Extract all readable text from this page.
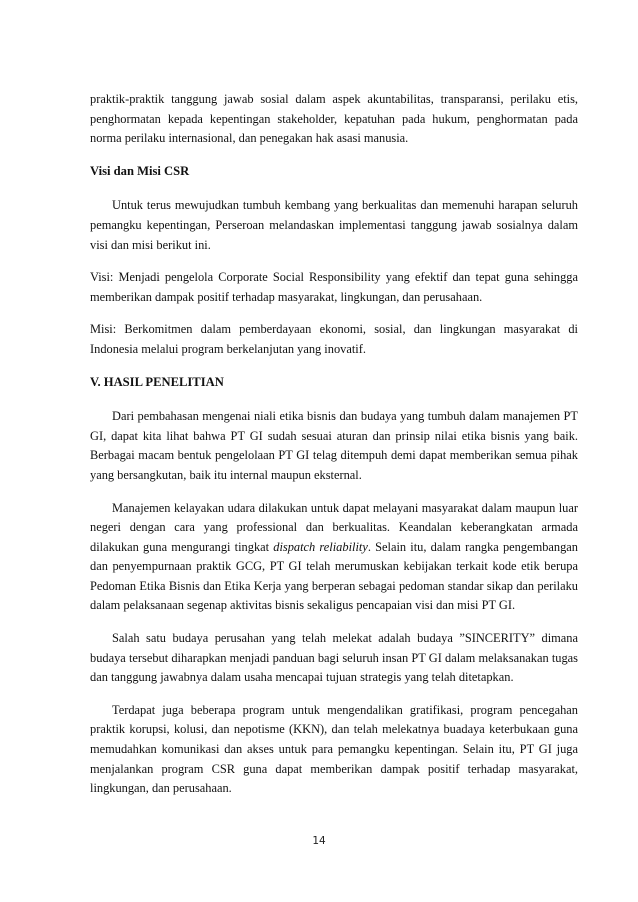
praktik-praktik tanggung jawab sosial dalam aspek akuntabilitas, transparansi, perilaku etis, penghormatan kepada kepentingan stakeholder, kepatuhan pada hukum, penghormatan pada norma perilaku internasional, dan penegakan hak asasi manusia.

Visi dan Misi CSR

Untuk terus mewujudkan tumbuh kembang yang berkualitas dan memenuhi harapan seluruh pemangku kepentingan, Perseroan melandaskan implementasi tanggung jawab sosialnya dalam visi dan misi berikut ini.

Visi: Menjadi pengelola Corporate Social Responsibility yang efektif dan tepat guna sehingga memberikan dampak positif terhadap masyarakat, lingkungan, dan perusahaan.

Misi: Berkomitmen dalam pemberdayaan ekonomi, sosial, dan lingkungan masyarakat di Indonesia melalui program berkelanjutan yang inovatif.

V. HASIL PENELITIAN

Dari pembahasan mengenai niali etika bisnis dan budaya yang tumbuh dalam manajemen PT GI, dapat kita lihat bahwa PT GI sudah sesuai aturan dan prinsip nilai etika bisnis yang baik. Berbagai macam bentuk pengelolaan PT GI telag ditempuh demi dapat memberikan semua pihak yang bersangkutan, baik itu internal maupun eksternal.

Manajemen kelayakan udara dilakukan untuk dapat melayani masyarakat dalam maupun luar negeri dengan cara yang professional dan berkualitas. Keandalan keberangkatan armada dilakukan guna mengurangi tingkat dispatch reliability. Selain itu, dalam rangka pengembangan dan penyempurnaan praktik GCG, PT GI telah merumuskan kebijakan terkait kode etik berupa Pedoman Etika Bisnis dan Etika Kerja yang berperan sebagai pedoman standar sikap dan perilaku dalam pelaksanaan segenap aktivitas bisnis sekaligus pencapaian visi dan misi PT GI.

Salah satu budaya perusahan yang telah melekat adalah budaya ”SINCERITY” dimana budaya tersebut diharapkan menjadi panduan bagi seluruh insan PT GI dalam melaksanakan tugas dan tanggung jawabnya dalam usaha mencapai tujuan strategis yang telah ditetapkan.

Terdapat juga beberapa program untuk mengendalikan gratifikasi, program pencegahan praktik korupsi, kolusi, dan nepotisme (KKN), dan telah melekatnya buadaya keterbukaan guna memudahkan komunikasi dan akses untuk para pemangku kepentingan. Selain itu, PT GI juga menjalankan program CSR guna dapat memberikan dampak positif terhadap masyarakat, lingkungan, dan perusahaan.

14
